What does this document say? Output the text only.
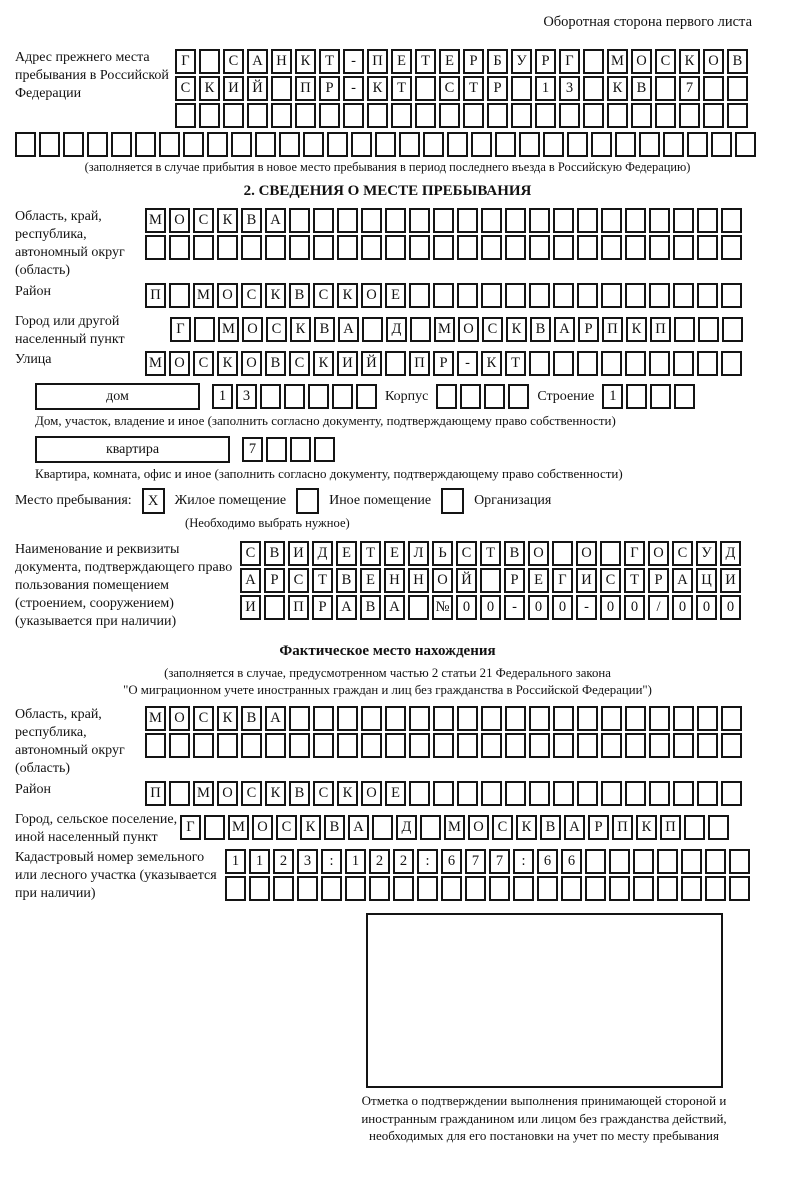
Оборотная сторона первого листа
Адрес прежнего места пребывания в Российской Федерации
Г	С А Н К	Т	-	П Е	Т	Е	Р	Б	У	Р	Г	М О С К О В
С К И Й	П	Р	-	К	Т	С	Т	Р	1	3	К В	7
(заполняется в случае прибытия в новое место пребывания в период последнего въезда в Российскую Федерацию)
2. СВЕДЕНИЯ О МЕСТЕ ПРЕБЫВАНИЯ
Область, край, республика, автономный округ (область)
М О С К В А
Район	П	М О С К В С К О Е
Город или другой населенный пункт
Г	М О С К В А	Д	М О С К В А	Р	П К П
Улица	М О С К О В С К И Й	П	Р	-	К	Т
дом	1	3	Корпус	Строение	1
Дом, участок, владение и иное (заполнить согласно документу, подтверждающему право собственности)
квартира	7
Квартира, комната, офис и иное (заполнить согласно документу, подтверждающему право собственности)
Место пребывания:	X	Жилое помещение	Иное помещение	Организация
(Необходимо выбрать нужное)
Наименование и реквизиты документа, подтверждающего право пользования помещением (строением, сооружением) (указывается при наличии)
С В И Д	Е	Т	Е	Л	Ь	С	Т	В О	О	Г	О С У Д
А	Р	С	Т	В	Е Н Н О Й	Р	Е	Г	И С	Т	Р	А Ц И
И	П	Р	А В А	№ 0	0	-	0	0	-	0	0	/	0	0	0
Фактическое место нахождения
(заполняется в случае, предусмотренном частью 2 статьи 21 Федерального закона
"О миграционном учете иностранных граждан и лиц без гражданства в Российской Федерации")
Область, край, республика, автономный округ (область)
М О С К В А
Район	П	М О С К В С К О Е
Город, сельское поселение, иной населенный пункт
Г	М О С К В А	Д	М О С К В А	Р	П К П
Кадастровый номер земельного или лесного участка (указывается при наличии)
1	1	2	3	:	1	2	2	:	6	7	7	:	6	6
Отметка о подтверждении выполнения принимающей стороной и иностранным гражданином или лицом без гражданства действий, необходимых для его постановки на учет по месту пребывания
